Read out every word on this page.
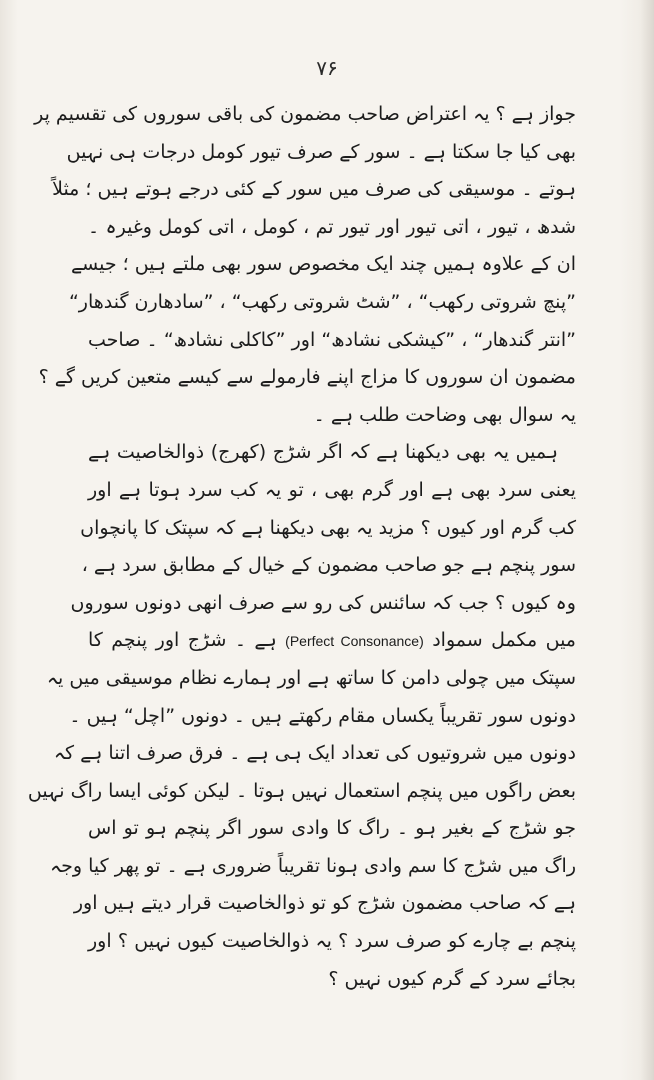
۷۶
جواز ہے ؟ یہ اعتراض صاحب مضمون کی باقی سوروں کی تقسیم پر
بھی کیا جا سکتا ہے ۔ سور کے صرف تیور کومل درجات ہی نہیں
ہوتے ۔ موسیقی کی صرف میں سور کے کئی درجے ہوتے ہیں ؛ مثلاً
شدھ ، تیور ، اتی تیور اور تیور تم ، کومل ، اتی کومل وغیرہ ۔
ان کے علاوہ ہمیں چند ایک مخصوص سور بھی ملتے ہیں ؛ جیسے
”پنچ شروتی رکھب“ ، ”شٹ شروتی رکھب“ ، ”سادھارن گندھار“
”انتر گندھار“ ، ”کیشکی نشادھ“ اور ”کاکلی نشادھ“ ۔ صاحب
مضمون ان سوروں کا مزاج اپنے فارمولے سے کیسے متعین کریں گے ؟
یہ سوال بھی وضاحت طلب ہے ۔
ہمیں یہ بھی دیکھنا ہے کہ اگر شڑج (کھرج) ذوالخاصیت ہے
یعنی سرد بھی ہے اور گرم بھی ، تو یہ کب سرد ہوتا ہے اور
کب گرم اور کیوں ؟ مزید یہ بھی دیکھنا ہے کہ سپتک کا پانچواں
سور پنچم ہے جو صاحب مضمون کے خیال کے مطابق سرد ہے ،
وہ کیوں ؟ جب کہ سائنس کی رو سے صرف انھی دونوں سوروں
میں مکمل سمواد (Perfect Consonance) ہے ۔ شڑج اور پنچم کا
سپتک میں چولی دامن کا ساتھ ہے اور ہمارے نظام موسیقی میں یہ
دونوں سور تقریباً یکساں مقام رکھتے ہیں ۔ دونوں ”اچل“ ہیں ۔
دونوں میں شروتیوں کی تعداد ایک ہی ہے ۔ فرق صرف اتنا ہے کہ
بعض راگوں میں پنچم استعمال نہیں ہوتا ۔ لیکن کوئی ایسا راگ نہیں
جو شڑج کے بغیر ہو ۔ راگ کا وادی سور اگر پنچم ہو تو اس
راگ میں شڑج کا سم وادی ہونا تقریباً ضروری ہے ۔ تو پھر کیا وجہ
ہے کہ صاحب مضمون شڑج کو تو ذوالخاصیت قرار دیتے ہیں اور
پنچم بے چارے کو صرف سرد ؟ یہ ذوالخاصیت کیوں نہیں ؟ اور
بجائے سرد کے گرم کیوں نہیں ؟
